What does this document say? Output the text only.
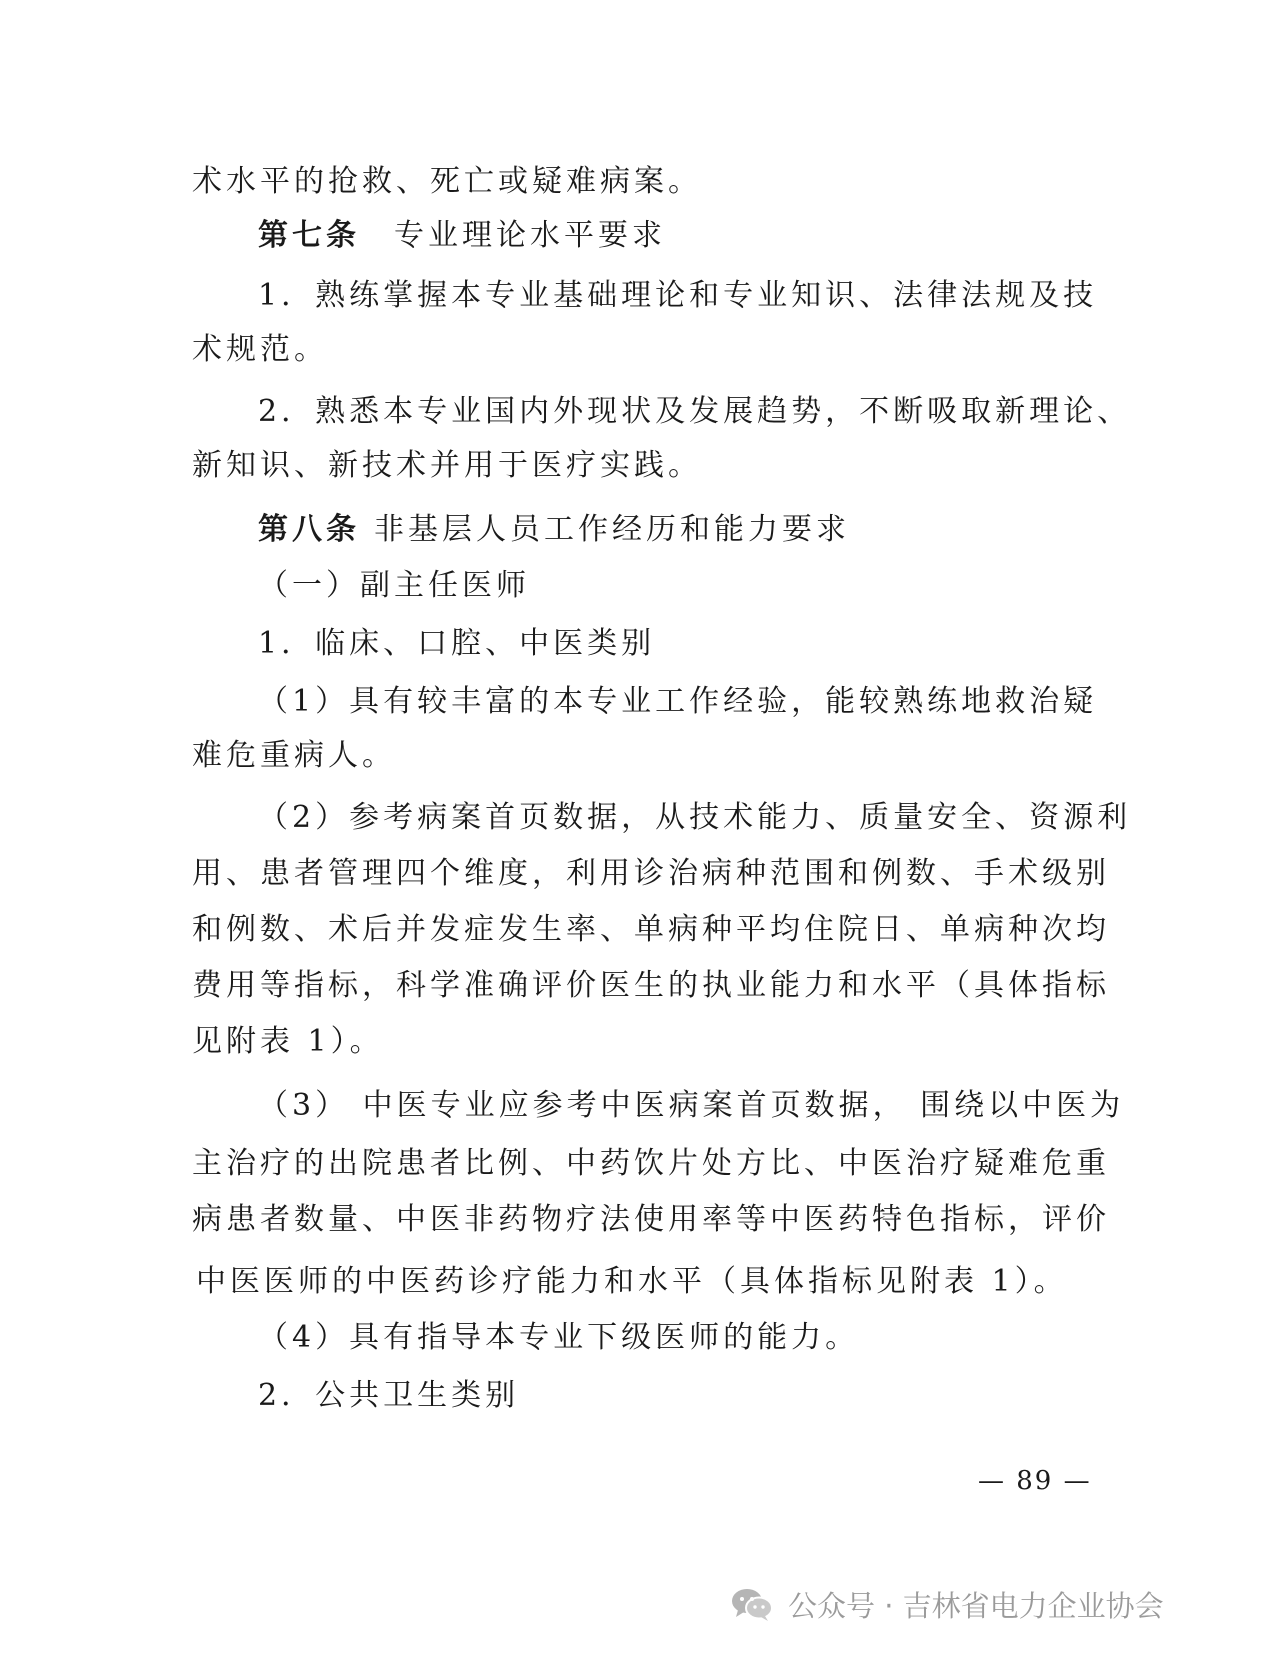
术水平的抢救、死亡或疑难病案。
第七条 专业理论水平要求
1．熟练掌握本专业基础理论和专业知识、法律法规及技
术规范。
2．熟悉本专业国内外现状及发展趋势，不断吸取新理论、
新知识、新技术并用于医疗实践。
第八条 非基层人员工作经历和能力要求
（一）副主任医师
1．临床、口腔、中医类别
（1）具有较丰富的本专业工作经验，能较熟练地救治疑
难危重病人。
（2）参考病案首页数据，从技术能力、质量安全、资源利
用、患者管理四个维度，利用诊治病种范围和例数、手术级别
和例数、术后并发症发生率、单病种平均住院日、单病种次均
费用等指标，科学准确评价医生的执业能力和水平（具体指标
见附表 1）。
（3） 中医专业应参考中医病案首页数据， 围绕以中医为
主治疗的出院患者比例、中药饮片处方比、中医治疗疑难危重
病患者数量、中医非药物疗法使用率等中医药特色指标，评价
中医医师的中医药诊疗能力和水平（具体指标见附表 1）。
（4）具有指导本专业下级医师的能力。
2．公共卫生类别
— 89 —
公众号 · 吉林省电力企业协会
